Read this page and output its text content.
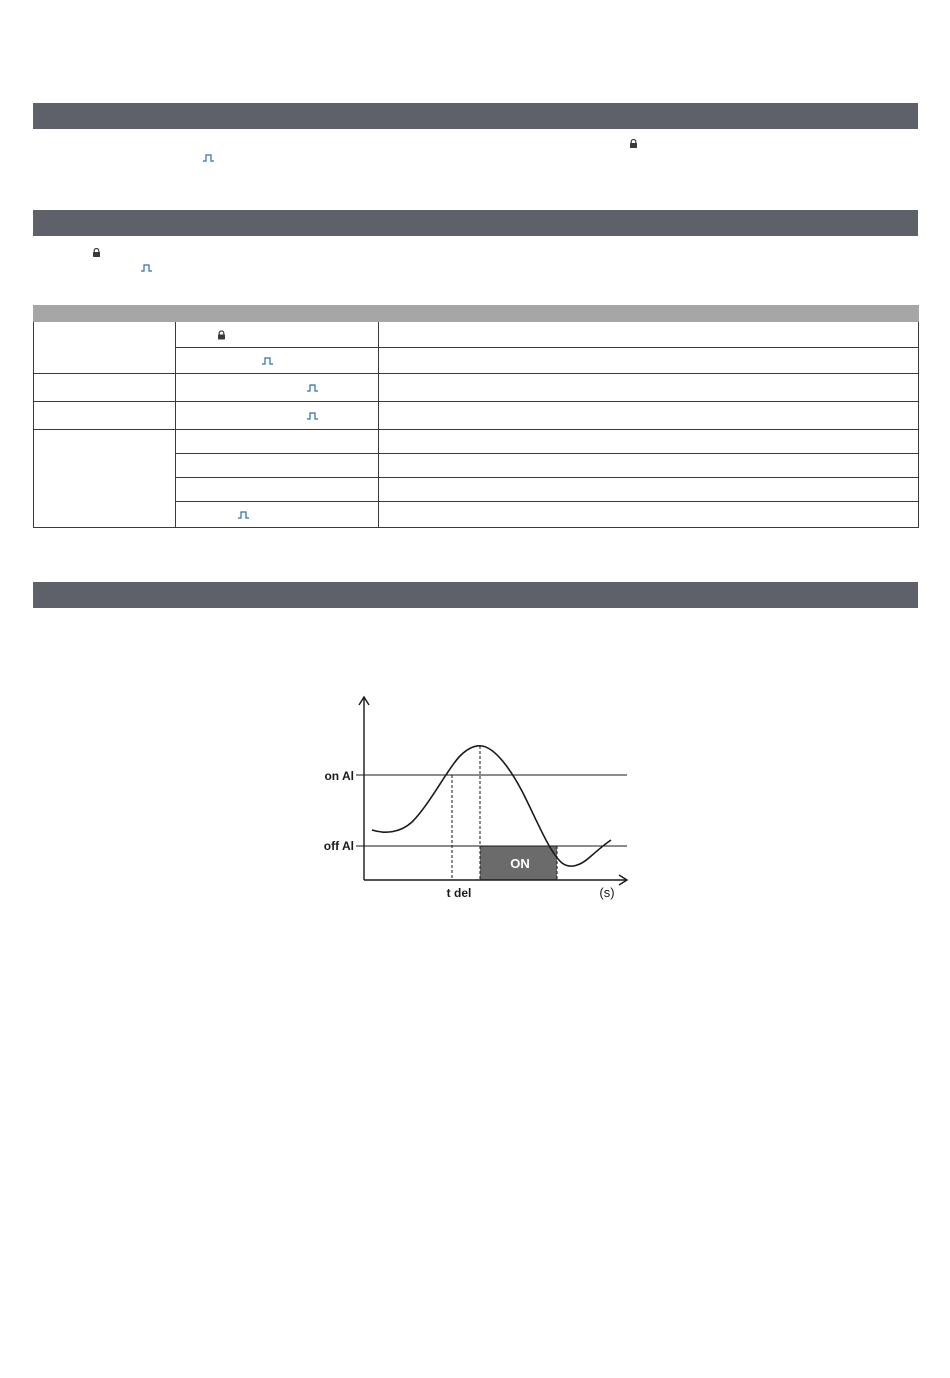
ON
on Al
off Al
t del	(s)
